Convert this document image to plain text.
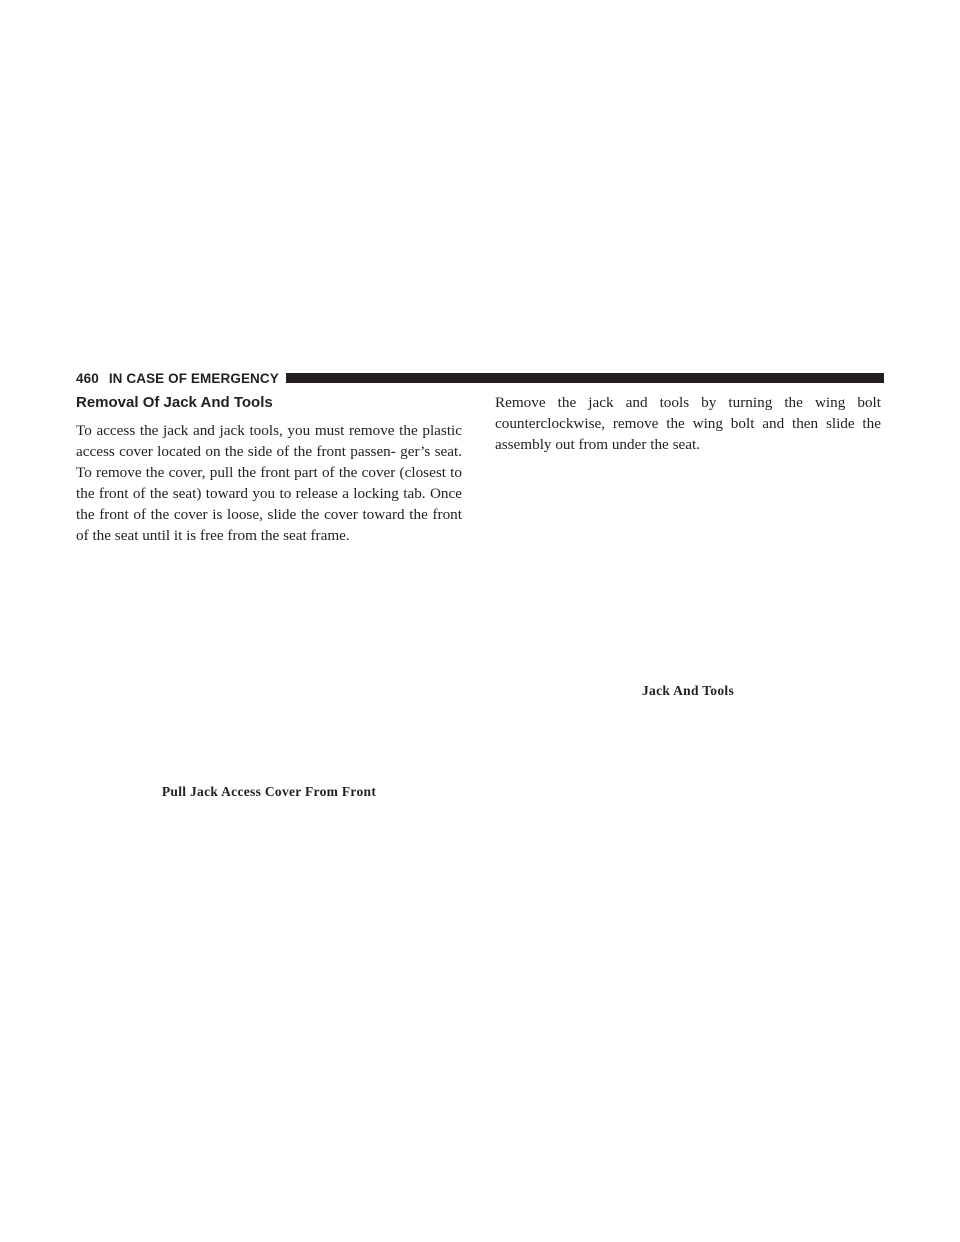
460 IN CASE OF EMERGENCY
Removal Of Jack And Tools

To access the jack and jack tools, you must remove the plastic access cover located on the side of the front passen- ger’s seat. To remove the cover, pull the front part of the cover (closest to the front of the seat) toward you to release a locking tab. Once the front of the cover is loose, slide the cover toward the front of the seat until it is free from the seat frame.

Remove the jack and tools by turning the wing bolt counterclockwise, remove the wing bolt and then slide the assembly out from under the seat.

Pull Jack Access Cover From Front
Jack And Tools
